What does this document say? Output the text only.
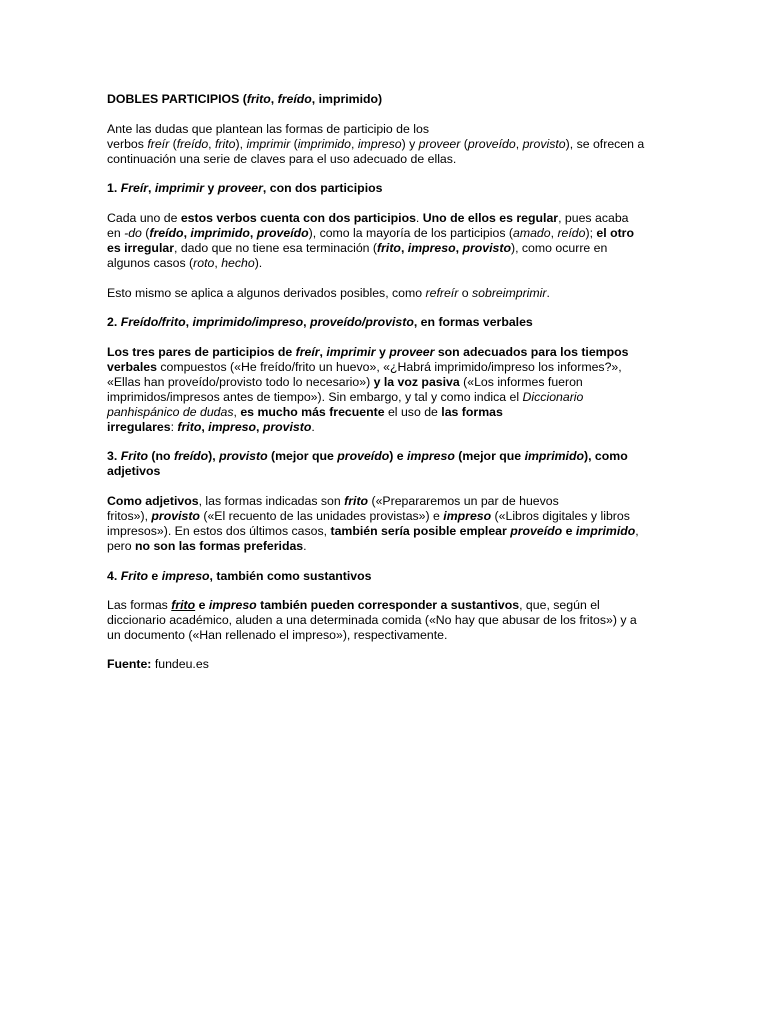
DOBLES PARTICIPIOS (frito, freído, imprimido)

Ante las dudas que plantean las formas de participio de los
verbos freír (freído, frito), imprimir (imprimido, impreso) y proveer (proveído, provisto), se ofrecen a
continuación una serie de claves para el uso adecuado de ellas.

1. Freír, imprimir y proveer, con dos participios

Cada uno de estos verbos cuenta con dos participios. Uno de ellos es regular, pues acaba
en -do (freído, imprimido, proveído), como la mayoría de los participios (amado, reído); el otro
es irregular, dado que no tiene esa terminación (frito, impreso, provisto), como ocurre en
algunos casos (roto, hecho).

Esto mismo se aplica a algunos derivados posibles, como refreír o sobreimprimir.

2. Freído/frito, imprimido/impreso, proveído/provisto, en formas verbales

Los tres pares de participios de freír, imprimir y proveer son adecuados para los tiempos
verbales compuestos («He freído/frito un huevo», «¿Habrá imprimido/impreso los informes?»,
«Ellas han proveído/provisto todo lo necesario») y la voz pasiva («Los informes fueron
imprimidos/impresos antes de tiempo»). Sin embargo, y tal y como indica el Diccionario
panhispánico de dudas, es mucho más frecuente el uso de las formas
irregulares: frito, impreso, provisto.

3. Frito (no freído), provisto (mejor que proveído) e impreso (mejor que imprimido), como
adjetivos

Como adjetivos, las formas indicadas son frito («Prepararemos un par de huevos
fritos»), provisto («El recuento de las unidades provistas») e impreso («Libros digitales y libros
impresos»). En estos dos últimos casos, también sería posible emplear proveído e imprimido,
pero no son las formas preferidas.

4. Frito e impreso, también como sustantivos

Las formas frito e impreso también pueden corresponder a sustantivos, que, según el
diccionario académico, aluden a una determinada comida («No hay que abusar de los fritos») y a
un documento («Han rellenado el impreso»), respectivamente.

Fuente: fundeu.es
